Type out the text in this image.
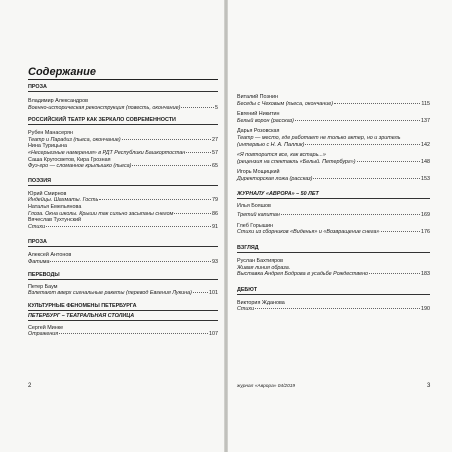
Содержание
ПРОЗА
Владимир Александров
Военно-историческая реконструкция (повесть, окончание)	5
РОССИЙСКИЙ ТЕАТР КАК ЗЕРКАЛО СОВРЕМЕННОСТИ
Рубен Манасерян
Театр и Парадиз (пьеса, окончание)	27
Нина Турицына
«Несерьезные намерения» в РДТ Республики Башкортостан	57
Саша Кругосветов, Кира Грозная
Фуэ-гро — сломанное крылышко (пьеса)	65
ПОЭЗИЯ
Юрий Смирнов
Индейцы. Шахматы. Гость	79
Наталья Емельянова
Глоза. Окна школы. Крыши так сильно засыпаны снегом	86
Вячеслав Тухтунский
Стихи	91
ПРОЗА
Алексей Антонов
Фатима	93
ПЕРЕВОДЫ
Петер Баум
Взлетают вверх сигнальные ракеты (перевод Евгения Лукина)	101
КУЛЬТУРНЫЕ ФЕНОМЕНЫ ПЕТЕРБУРГА
ПЕТЕРБУРГ – ТЕАТРАЛЬНАЯ СТОЛИЦА
Сергей Минке
Отражения	107
2
Виталий Познин
Беседы с Чеховым (пьеса, окончание)	115
Евгений Никитин
Белый ворон (рассказ)	137
Дарья Розовская
Театр — место, где работает не только актер, но и зритель
(интервью с Н. А. Паллик)	142
«Я повторится все, как встарь...»
(рецензия на спектакль «Белый. Петербург»)	148
Игорь Мощицкий
Директорская ложа (рассказ)	153
ЖУРНАЛУ «АВРОРА» – 50 ЛЕТ
Илья Бояшов
Третий капитан	169
Глеб Горышин
Стихи из сборников «Виденья» и «Возвращение снега»	176
ВЗГЛЯД
Руслан Бахтияров
Живая линия образа.
Выставка Андрея Бодрова в усадьбе Рождествено	183
ДЕБЮТ
Виктория Жданова
Стихи	190
журнал «Аврора» 04/2019	3
